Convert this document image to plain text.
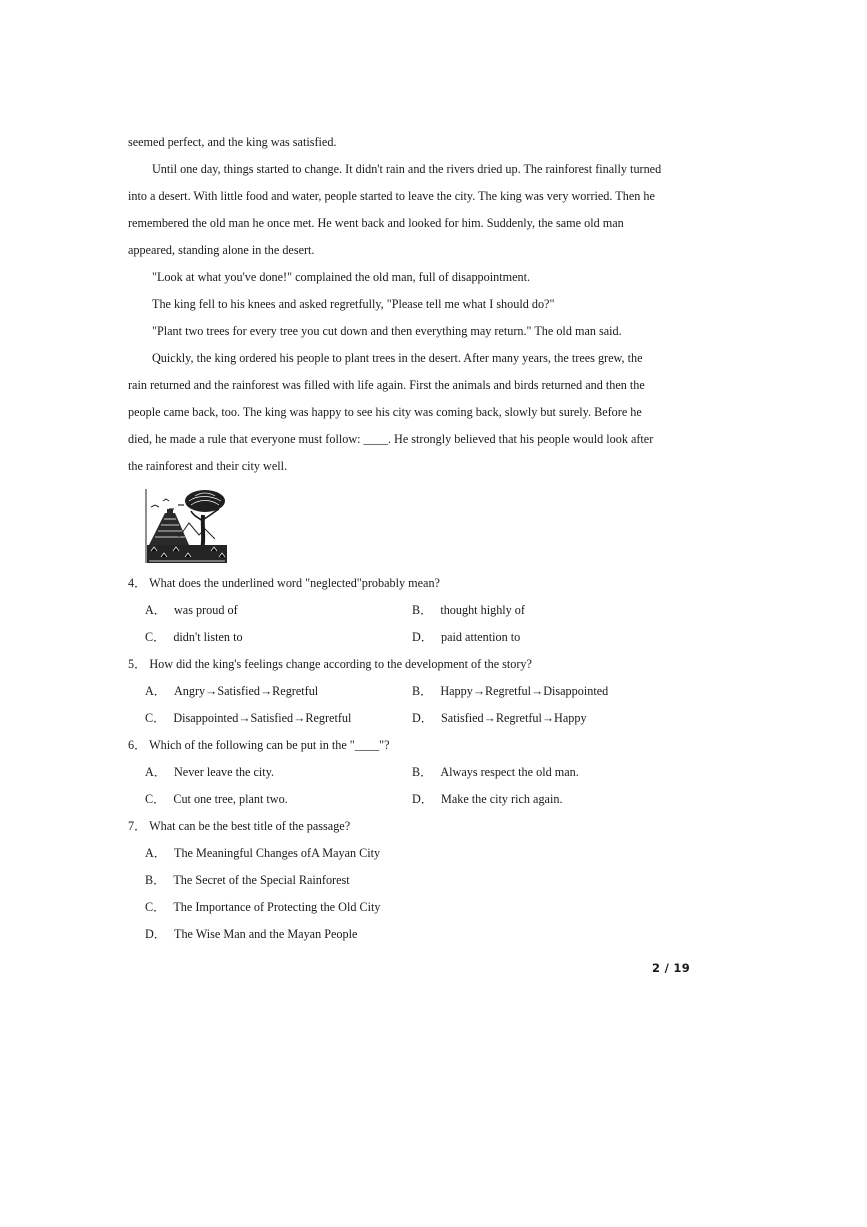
seemed perfect, and the king was satisfied.
Until one day, things started to change. It didn't rain and the rivers dried up. The rainforest finally turned
into a desert. With little food and water, people started to leave the city. The king was very worried. Then he
remembered the old man he once met. He went back and looked for him. Suddenly, the same old man
appeared, standing alone in the desert.
"Look at what you've done!" complained the old man, full of disappointment.
The king fell to his knees and asked regretfully, "Please tell me what I should do?"
"Plant two trees for every tree you cut down and then everything may return." The old man said.
Quickly, the king ordered his people to plant trees in the desert. After many years, the trees grew, the
rain returned and the rainforest was filled with life again. First the animals and birds returned and then the
people came back, too. The king was happy to see his city was coming back, slowly but surely. Before he
died, he made a rule that everyone must follow: ____. He strongly believed that his people would look after
the rainforest and their city well.
4． What does the underlined word "neglected"probably mean?
A． was proud of	B． thought highly of
C． didn't listen to	D． paid attention to
5． How did the king's feelings change according to the development of the story?
A． Angry→Satisfied→Regretful	B． Happy→Regretful→Disappointed
C． Disappointed→Satisfied→Regretful	D． Satisfied→Regretful→Happy
6． Which of the following can be put in the "____"?
A． Never leave the city.	B． Always respect the old man.
C． Cut one tree, plant two.	D． Make the city rich again.
7． What can be the best title of the passage?
A． The Meaningful Changes ofA Mayan City
B． The Secret of the Special Rainforest
C． The Importance of Protecting the Old City
D． The Wise Man and the Mayan People
2 / 19
